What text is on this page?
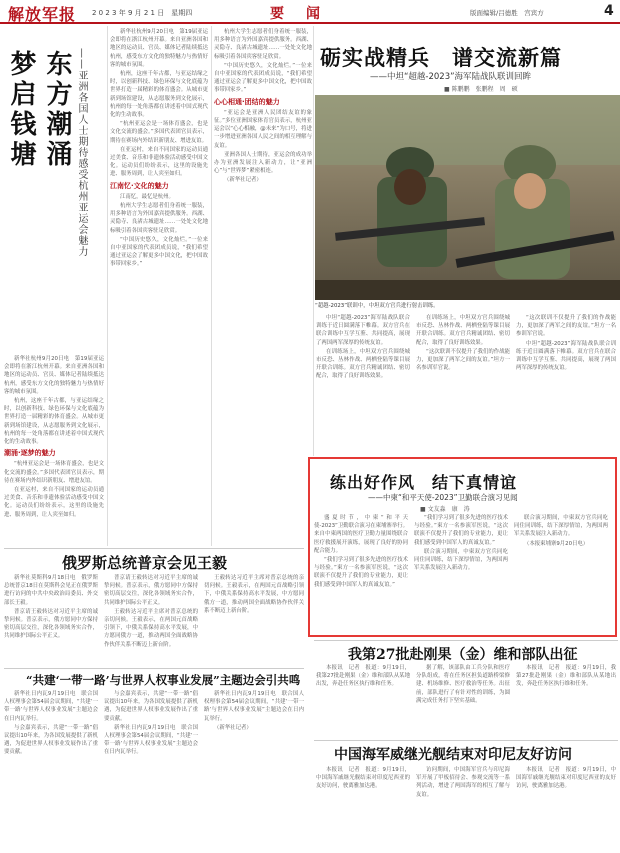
解放军报 2 0 2 3 年 9 月 2 1 日　星期四	要　闻	版面编辑/吕德胜　宫宾方	4
东方潮涌
梦启钱塘	——亚洲各国人士期待感受杭州亚运会魅力

新华社杭州9月20日电　第19届亚运会即将在浙江杭州开幕。来自亚洲各国和地区的运动员、官员、媒体记者陆续抵达杭州，感受东方文化的独特魅力与热情好客的城市氛围。

杭州，这座千年古都，与亚运结缘之时，以创新科技、绿色环保与文化底蕴为世界打造一届精彩的体育盛会。从城市更新到场馆建设，从志愿服务到文化展示，杭州的每一处角落都在讲述着中国式现代化的生动故事。

潮涌·逐梦的魅力

“杭州亚运会是一场体育盛会，也是文化交流的盛会。”多国代表团官员表示，期待在赛场内外结识新朋友、增进友谊。

在亚运村，来自不同国家的运动员通过美食、音乐和非遗体验活动感受中国文化。运动员们纷纷表示，这里的设施先进、服务周到，让人宾至如归。

新华社杭州9月20日电　第19届亚运会即将在浙江杭州开幕。来自亚洲各国和地区的运动员、官员、媒体记者陆续抵达杭州，感受东方文化的独特魅力与热情好客的城市氛围。

杭州，这座千年古都，与亚运结缘之时，以创新科技、绿色环保与文化底蕴为世界打造一届精彩的体育盛会。从城市更新到场馆建设，从志愿服务到文化展示，杭州的每一处角落都在讲述着中国式现代化的生动故事。

“杭州亚运会是一场体育盛会，也是文化交流的盛会。”多国代表团官员表示，期待在赛场内外结识新朋友、增进友谊。

在亚运村，来自不同国家的运动员通过美食、音乐和非遗体验活动感受中国文化。运动员们纷纷表示，这里的设施先进、服务周到，让人宾至如归。

江南忆·文化的魅力

江南忆，最忆是杭州。

杭州大学生志愿者们身着统一服装，用多种语言为外国嘉宾提供服务。西湖、灵隐寺、良渚古城遗址……一处处文化地标吸引着各国宾客驻足欣赏。

“中国历史悠久，文化灿烂。”一位来自中亚国家的代表团成员说，“我们希望通过亚运会了解更多中国文化，把中国故事带回家乡。”

杭州大学生志愿者们身着统一服装，用多种语言为外国嘉宾提供服务。西湖、灵隐寺、良渚古城遗址……一处处文化地标吸引着各国宾客驻足欣赏。

“中国历史悠久，文化灿烂。”一位来自中亚国家的代表团成员说，“我们希望通过亚运会了解更多中国文化，把中国故事带回家乡。”

心心相通·团结的魅力

“亚运会是亚洲人民团结友谊的象征。”多位亚洲国家体育官员表示，杭州亚运会以“心心相融，@未来”为口号，将进一步增进亚洲各国人民之间的相互理解与友谊。

亚洲各国人士期待，亚运会的成功举办为亚洲发展注入新动力，让“亚洲心”与“世界梦”紧密相连。

（新华社记者）

砺实战精兵　谱交流新篇
——中坦“超越-2023”海军陆战队联训回眸
■ 陈鹏鹏　张鹏程　周　硕
“超越-2023”联训中，中坦双方官兵进行射击训练。

中坦“超越-2023”海军陆战队联合训练于近日圆满落下帷幕。双方官兵在联合训练中互学互鉴、共同提高，展现了两国两军深厚的传统友谊。

在训练场上，中坦双方官兵围绕城市反恐、丛林作战、两栖登陆等课目展开联合训练。双方官兵精诚团结、密切配合，取得了良好训练效果。

在训练场上，中坦双方官兵围绕城市反恐、丛林作战、两栖登陆等课目展开联合训练。双方官兵精诚团结、密切配合，取得了良好训练效果。

“这次联训不仅提升了我们的作战能力，更加深了两军之间的友谊。”坦方一名参训军官说。

“这次联训不仅提升了我们的作战能力，更加深了两军之间的友谊。”坦方一名参训军官说。

中坦“超越-2023”海军陆战队联合训练于近日圆满落下帷幕。双方官兵在联合训练中互学互鉴、共同提高，展现了两国两军深厚的传统友谊。

练出好作风　结下真情谊
——中柬“和平天使-2023”卫勤联合演习见闻
■ 文友淼　康　涛

盛夏时节，中柬“和平天使-2023”卫勤联合演习在柬埔寨举行。来自中柬两国的医疗卫勤力量围绕联合医疗救援展开演练，展现了良好的协同配合能力。

“我们学习到了很多先进的医疗技术与经验。”柬方一名参演军医说，“这次联演不仅提升了我们的专业能力，更让我们感受到中国军人的真诚友谊。”

“我们学习到了很多先进的医疗技术与经验。”柬方一名参演军医说，“这次联演不仅提升了我们的专业能力，更让我们感受到中国军人的真诚友谊。”

联合演习期间，中柬双方官兵同吃同住同训练，结下深厚情谊，为两国两军关系发展注入新动力。

联合演习期间，中柬双方官兵同吃同住同训练，结下深厚情谊，为两国两军关系发展注入新动力。

（本报柬埔寨9月20日电）

俄罗斯总统普京会见王毅

新华社莫斯科9月18日电　俄罗斯总统普京18日在莫斯科会见正在俄罗斯进行访问的中共中央政治局委员、外交部长王毅。

普京请王毅转达对习近平主席的诚挚问候。普京表示，俄方愿同中方保持密切高层交往，深化各领域务实合作，共同维护国际公平正义。

普京请王毅转达对习近平主席的诚挚问候。普京表示，俄方愿同中方保持密切高层交往，深化各领域务实合作，共同维护国际公平正义。

王毅转达习近平主席对普京总统的亲切问候。王毅表示，在两国元首战略引领下，中俄关系保持高水平发展，中方愿同俄方一道，推动两国全面战略协作伙伴关系不断迈上新台阶。

王毅转达习近平主席对普京总统的亲切问候。王毅表示，在两国元首战略引领下，中俄关系保持高水平发展，中方愿同俄方一道，推动两国全面战略协作伙伴关系不断迈上新台阶。

我第27批赴刚果（金）维和部队出征

本报讯　记者　报道：9月19日，我第27批赴刚果（金）维和部队从某地出发，奔赴任务区执行维和任务。

据了解，该部队由工兵分队和医疗分队组成，将在任务区担负道路桥梁修建、机场维修、医疗救治等任务。出征前，部队进行了有针对性的训练，为圆满完成任务打下坚实基础。

本报讯　记者　报道：9月19日，我第27批赴刚果（金）维和部队从某地出发，奔赴任务区执行维和任务。

“共建‘一带一路’与世界人权事业发展”主题边会引共鸣

新华社日内瓦9月19日电　联合国人权理事会第54届会议期间，“共建‘一带一路’与世界人权事业发展”主题边会在日内瓦举行。

与会嘉宾表示，共建“一带一路”倡议提出10年来，为各国发展提供了新机遇，为促进世界人权事业发展作出了重要贡献。

与会嘉宾表示，共建“一带一路”倡议提出10年来，为各国发展提供了新机遇，为促进世界人权事业发展作出了重要贡献。

新华社日内瓦9月19日电　联合国人权理事会第54届会议期间，“共建‘一带一路’与世界人权事业发展”主题边会在日内瓦举行。

新华社日内瓦9月19日电　联合国人权理事会第54届会议期间，“共建‘一带一路’与世界人权事业发展”主题边会在日内瓦举行。

（新华社记者）

中国海军威继光舰结束对印尼友好访问

本报讯　记者　报道：9月19日，中国海军戚继光舰结束对印度尼西亚的友好访问，驶离雅加达港。

访问期间，中国海军官兵与印尼海军开展了甲板招待会、参观交流等一系列活动，增进了两国海军的相互了解与友谊。

本报讯　记者　报道：9月19日，中国海军戚继光舰结束对印度尼西亚的友好访问，驶离雅加达港。
